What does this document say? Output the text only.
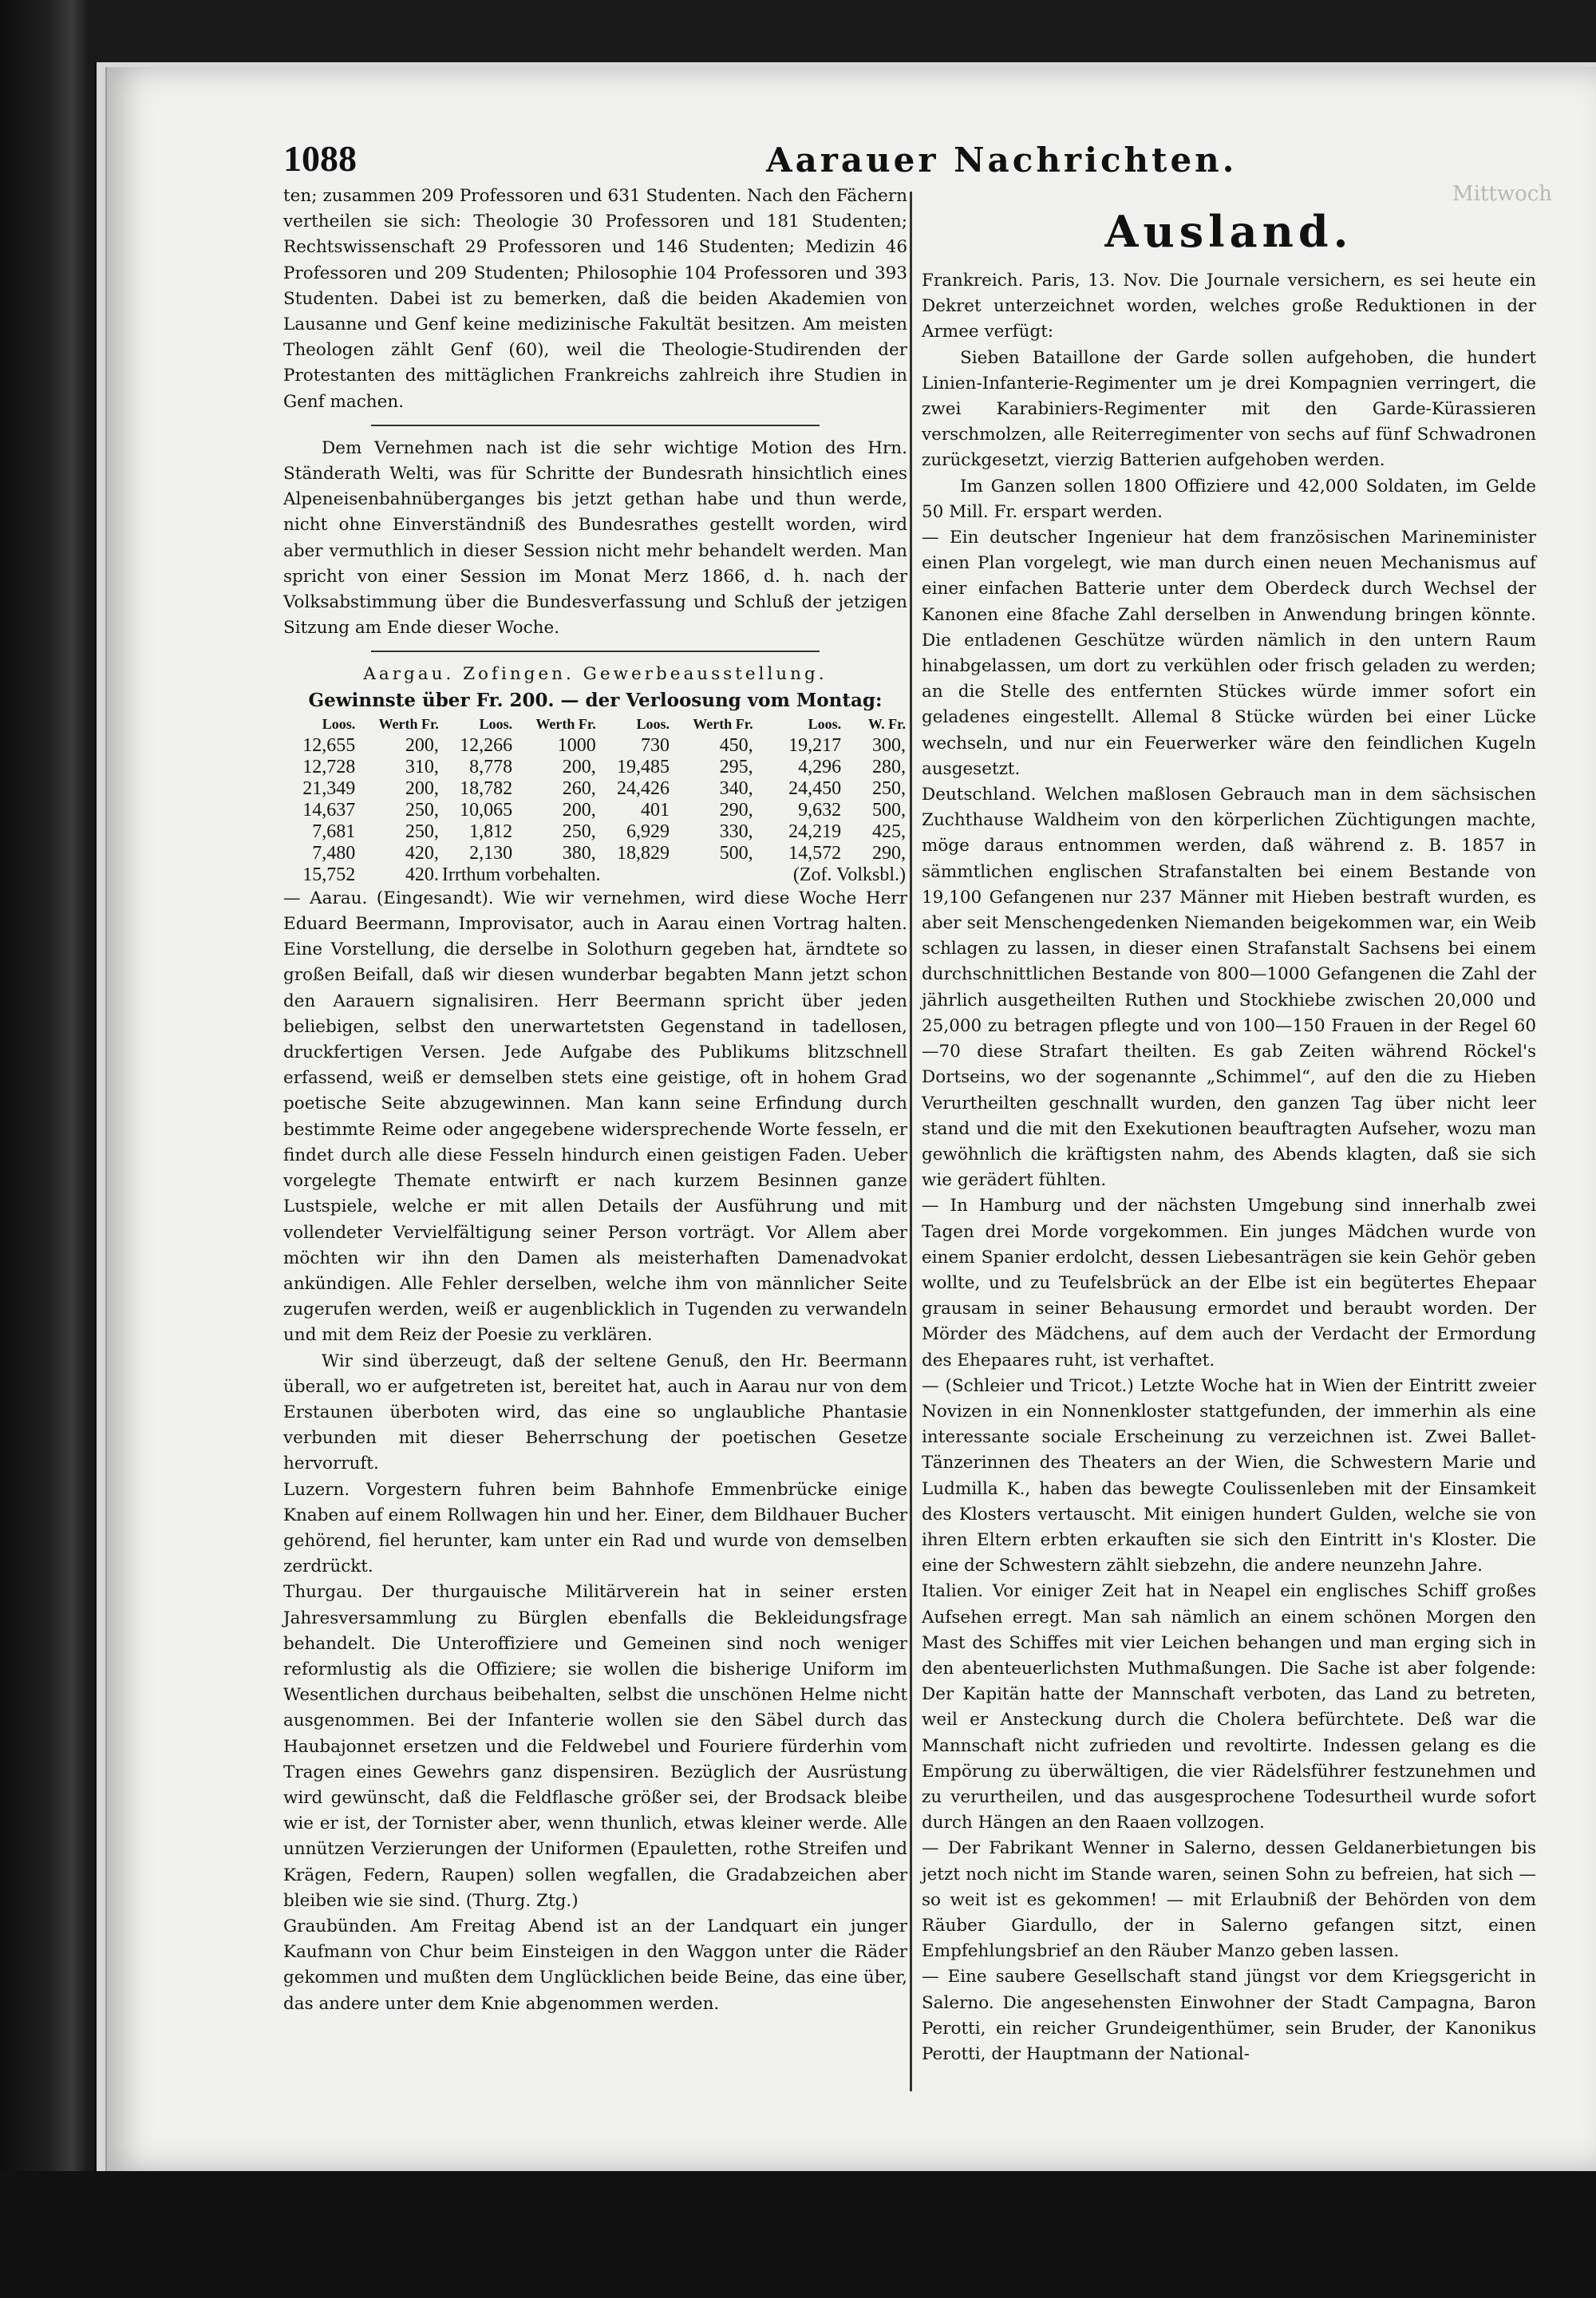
Mittwoch
1088	Aarauer Nachrichten.

ten; zusammen 209 Professoren und 631 Studenten. Nach den Fächern vertheilen sie sich: Theologie 30 Professoren und 181 Studenten; Rechtswissenschaft 29 Professoren und 146 Studenten; Medizin 46 Professoren und 209 Studenten; Philosophie 104 Professoren und 393 Studenten. Dabei ist zu bemerken, daß die beiden Akademien von Lausanne und Genf keine medizinische Fakultät besitzen. Am meisten Theologen zählt Genf (60), weil die Theologie-Studirenden der Protestanten des mittäglichen Frankreichs zahlreich ihre Studien in Genf machen.

Dem Vernehmen nach ist die sehr wichtige Motion des Hrn. Ständerath Welti, was für Schritte der Bundesrath hinsichtlich eines Alpeneisenbahnüberganges bis jetzt gethan habe und thun werde, nicht ohne Einverständniß des Bundesrathes gestellt worden, wird aber vermuthlich in dieser Session nicht mehr behandelt werden. Man spricht von einer Session im Monat Merz 1866, d. h. nach der Volksabstimmung über die Bundesverfassung und Schluß der jetzigen Sitzung am Ende dieser Woche.

Aargau. Zofingen. Gewerbeausstellung.
Gewinnste über Fr. 200. — der Verloosung vom Montag:
Loos.	Werth Fr.	Loos.	Werth Fr.	Loos.	Werth Fr.	Loos.	W. Fr.
12,655	200,	12,266	1000	730	450,	19,217	300,
12,728	310,	8,778	200,	19,485	295,	4,296	280,
21,349	200,	18,782	260,	24,426	340,	24,450	250,
14,637	250,	10,065	200,	401	290,	9,632	500,
7,681	250,	1,812	250,	6,929	330,	24,219	425,
7,480	420,	2,130	380,	18,829	500,	14,572	290,
15,752	420.	Irrthum vorbehalten.				(Zof. Volksbl.)	

— Aarau. (Eingesandt). Wie wir vernehmen, wird diese Woche Herr Eduard Beermann, Improvisator, auch in Aarau einen Vortrag halten. Eine Vorstellung, die derselbe in Solothurn gegeben hat, ärndtete so großen Beifall, daß wir diesen wunderbar begabten Mann jetzt schon den Aarauern signalisiren. Herr Beermann spricht über jeden beliebigen, selbst den unerwartetsten Gegenstand in tadellosen, druckfertigen Versen. Jede Aufgabe des Publikums blitzschnell erfassend, weiß er demselben stets eine geistige, oft in hohem Grad poetische Seite abzugewinnen. Man kann seine Erfindung durch bestimmte Reime oder angegebene widersprechende Worte fesseln, er findet durch alle diese Fesseln hindurch einen geistigen Faden. Ueber vorgelegte Themate entwirft er nach kurzem Besinnen ganze Lustspiele, welche er mit allen Details der Ausführung und mit vollendeter Vervielfältigung seiner Person vorträgt. Vor Allem aber möchten wir ihn den Damen als meisterhaften Damenadvokat ankündigen. Alle Fehler derselben, welche ihm von männlicher Seite zugerufen werden, weiß er augenblicklich in Tugenden zu verwandeln und mit dem Reiz der Poesie zu verklären.

Wir sind überzeugt, daß der seltene Genuß, den Hr. Beermann überall, wo er aufgetreten ist, bereitet hat, auch in Aarau nur von dem Erstaunen überboten wird, das eine so unglaubliche Phantasie verbunden mit dieser Beherrschung der poetischen Gesetze hervorruft.

Luzern. Vorgestern fuhren beim Bahnhofe Emmenbrücke einige Knaben auf einem Rollwagen hin und her. Einer, dem Bildhauer Bucher gehörend, fiel herunter, kam unter ein Rad und wurde von demselben zerdrückt.

Thurgau. Der thurgauische Militärverein hat in seiner ersten Jahresversammlung zu Bürglen ebenfalls die Bekleidungsfrage behandelt. Die Unteroffiziere und Gemeinen sind noch weniger reformlustig als die Offiziere; sie wollen die bisherige Uniform im Wesentlichen durchaus beibehalten, selbst die unschönen Helme nicht ausgenommen. Bei der Infanterie wollen sie den Säbel durch das Haubajonnet ersetzen und die Feldwebel und Fouriere fürderhin vom Tragen eines Gewehrs ganz dispensiren. Bezüglich der Ausrüstung wird gewünscht, daß die Feldflasche größer sei, der Brodsack bleibe wie er ist, der Tornister aber, wenn thunlich, etwas kleiner werde. Alle unnützen Verzierungen der Uniformen (Epauletten, rothe Streifen und Krägen, Federn, Raupen) sollen wegfallen, die Gradabzeichen aber bleiben wie sie sind. (Thurg. Ztg.)

Graubünden. Am Freitag Abend ist an der Landquart ein junger Kaufmann von Chur beim Einsteigen in den Waggon unter die Räder gekommen und mußten dem Unglücklichen beide Beine, das eine über, das andere unter dem Knie abgenommen werden.

Ausland.

Frankreich. Paris, 13. Nov. Die Journale versichern, es sei heute ein Dekret unterzeichnet worden, welches große Reduktionen in der Armee verfügt:

Sieben Bataillone der Garde sollen aufgehoben, die hundert Linien-Infanterie-Regimenter um je drei Kompagnien verringert, die zwei Karabiniers-Regimenter mit den Garde-Kürassieren verschmolzen, alle Reiterregimenter von sechs auf fünf Schwadronen zurückgesetzt, vierzig Batterien aufgehoben werden.

Im Ganzen sollen 1800 Offiziere und 42,000 Soldaten, im Gelde 50 Mill. Fr. erspart werden.

— Ein deutscher Ingenieur hat dem französischen Marineminister einen Plan vorgelegt, wie man durch einen neuen Mechanismus auf einer einfachen Batterie unter dem Oberdeck durch Wechsel der Kanonen eine 8fache Zahl derselben in Anwendung bringen könnte. Die entladenen Geschütze würden nämlich in den untern Raum hinabgelassen, um dort zu verkühlen oder frisch geladen zu werden; an die Stelle des entfernten Stückes würde immer sofort ein geladenes eingestellt. Allemal 8 Stücke würden bei einer Lücke wechseln, und nur ein Feuerwerker wäre den feindlichen Kugeln ausgesetzt.

Deutschland. Welchen maßlosen Gebrauch man in dem sächsischen Zuchthause Waldheim von den körperlichen Züchtigungen machte, möge daraus entnommen werden, daß während z. B. 1857 in sämmtlichen englischen Strafanstalten bei einem Bestande von 19,100 Gefangenen nur 237 Männer mit Hieben bestraft wurden, es aber seit Menschengedenken Niemanden beigekommen war, ein Weib schlagen zu lassen, in dieser einen Strafanstalt Sachsens bei einem durchschnittlichen Bestande von 800—1000 Gefangenen die Zahl der jährlich ausgetheilten Ruthen und Stockhiebe zwischen 20,000 und 25,000 zu betragen pflegte und von 100—150 Frauen in der Regel 60—70 diese Strafart theilten. Es gab Zeiten während Röckel's Dortseins, wo der sogenannte „Schimmel“, auf den die zu Hieben Verurtheilten geschnallt wurden, den ganzen Tag über nicht leer stand und die mit den Exekutionen beauftragten Aufseher, wozu man gewöhnlich die kräftigsten nahm, des Abends klagten, daß sie sich wie gerädert fühlten.

— In Hamburg und der nächsten Umgebung sind innerhalb zwei Tagen drei Morde vorgekommen. Ein junges Mädchen wurde von einem Spanier erdolcht, dessen Liebesanträgen sie kein Gehör geben wollte, und zu Teufelsbrück an der Elbe ist ein begütertes Ehepaar grausam in seiner Behausung ermordet und beraubt worden. Der Mörder des Mädchens, auf dem auch der Verdacht der Ermordung des Ehepaares ruht, ist verhaftet.

— (Schleier und Tricot.) Letzte Woche hat in Wien der Eintritt zweier Novizen in ein Nonnenkloster stattgefunden, der immerhin als eine interessante sociale Erscheinung zu verzeichnen ist. Zwei Ballet-Tänzerinnen des Theaters an der Wien, die Schwestern Marie und Ludmilla K., haben das bewegte Coulissenleben mit der Einsamkeit des Klosters vertauscht. Mit einigen hundert Gulden, welche sie von ihren Eltern erbten erkauften sie sich den Eintritt in's Kloster. Die eine der Schwestern zählt siebzehn, die andere neunzehn Jahre.

Italien. Vor einiger Zeit hat in Neapel ein englisches Schiff großes Aufsehen erregt. Man sah nämlich an einem schönen Morgen den Mast des Schiffes mit vier Leichen behangen und man erging sich in den abenteuerlichsten Muthmaßungen. Die Sache ist aber folgende: Der Kapitän hatte der Mannschaft verboten, das Land zu betreten, weil er Ansteckung durch die Cholera befürchtete. Deß war die Mannschaft nicht zufrieden und revoltirte. Indessen gelang es die Empörung zu überwältigen, die vier Rädelsführer festzunehmen und zu verurtheilen, und das ausgesprochene Todesurtheil wurde sofort durch Hängen an den Raaen vollzogen.

— Der Fabrikant Wenner in Salerno, dessen Geldanerbietungen bis jetzt noch nicht im Stande waren, seinen Sohn zu befreien, hat sich — so weit ist es gekommen! — mit Erlaubniß der Behörden von dem Räuber Giardullo, der in Salerno gefangen sitzt, einen Empfehlungsbrief an den Räuber Manzo geben lassen.

— Eine saubere Gesellschaft stand jüngst vor dem Kriegsgericht in Salerno. Die angesehensten Einwohner der Stadt Campagna, Baron Perotti, ein reicher Grundeigenthümer, sein Bruder, der Kanonikus Perotti, der Hauptmann der National-
